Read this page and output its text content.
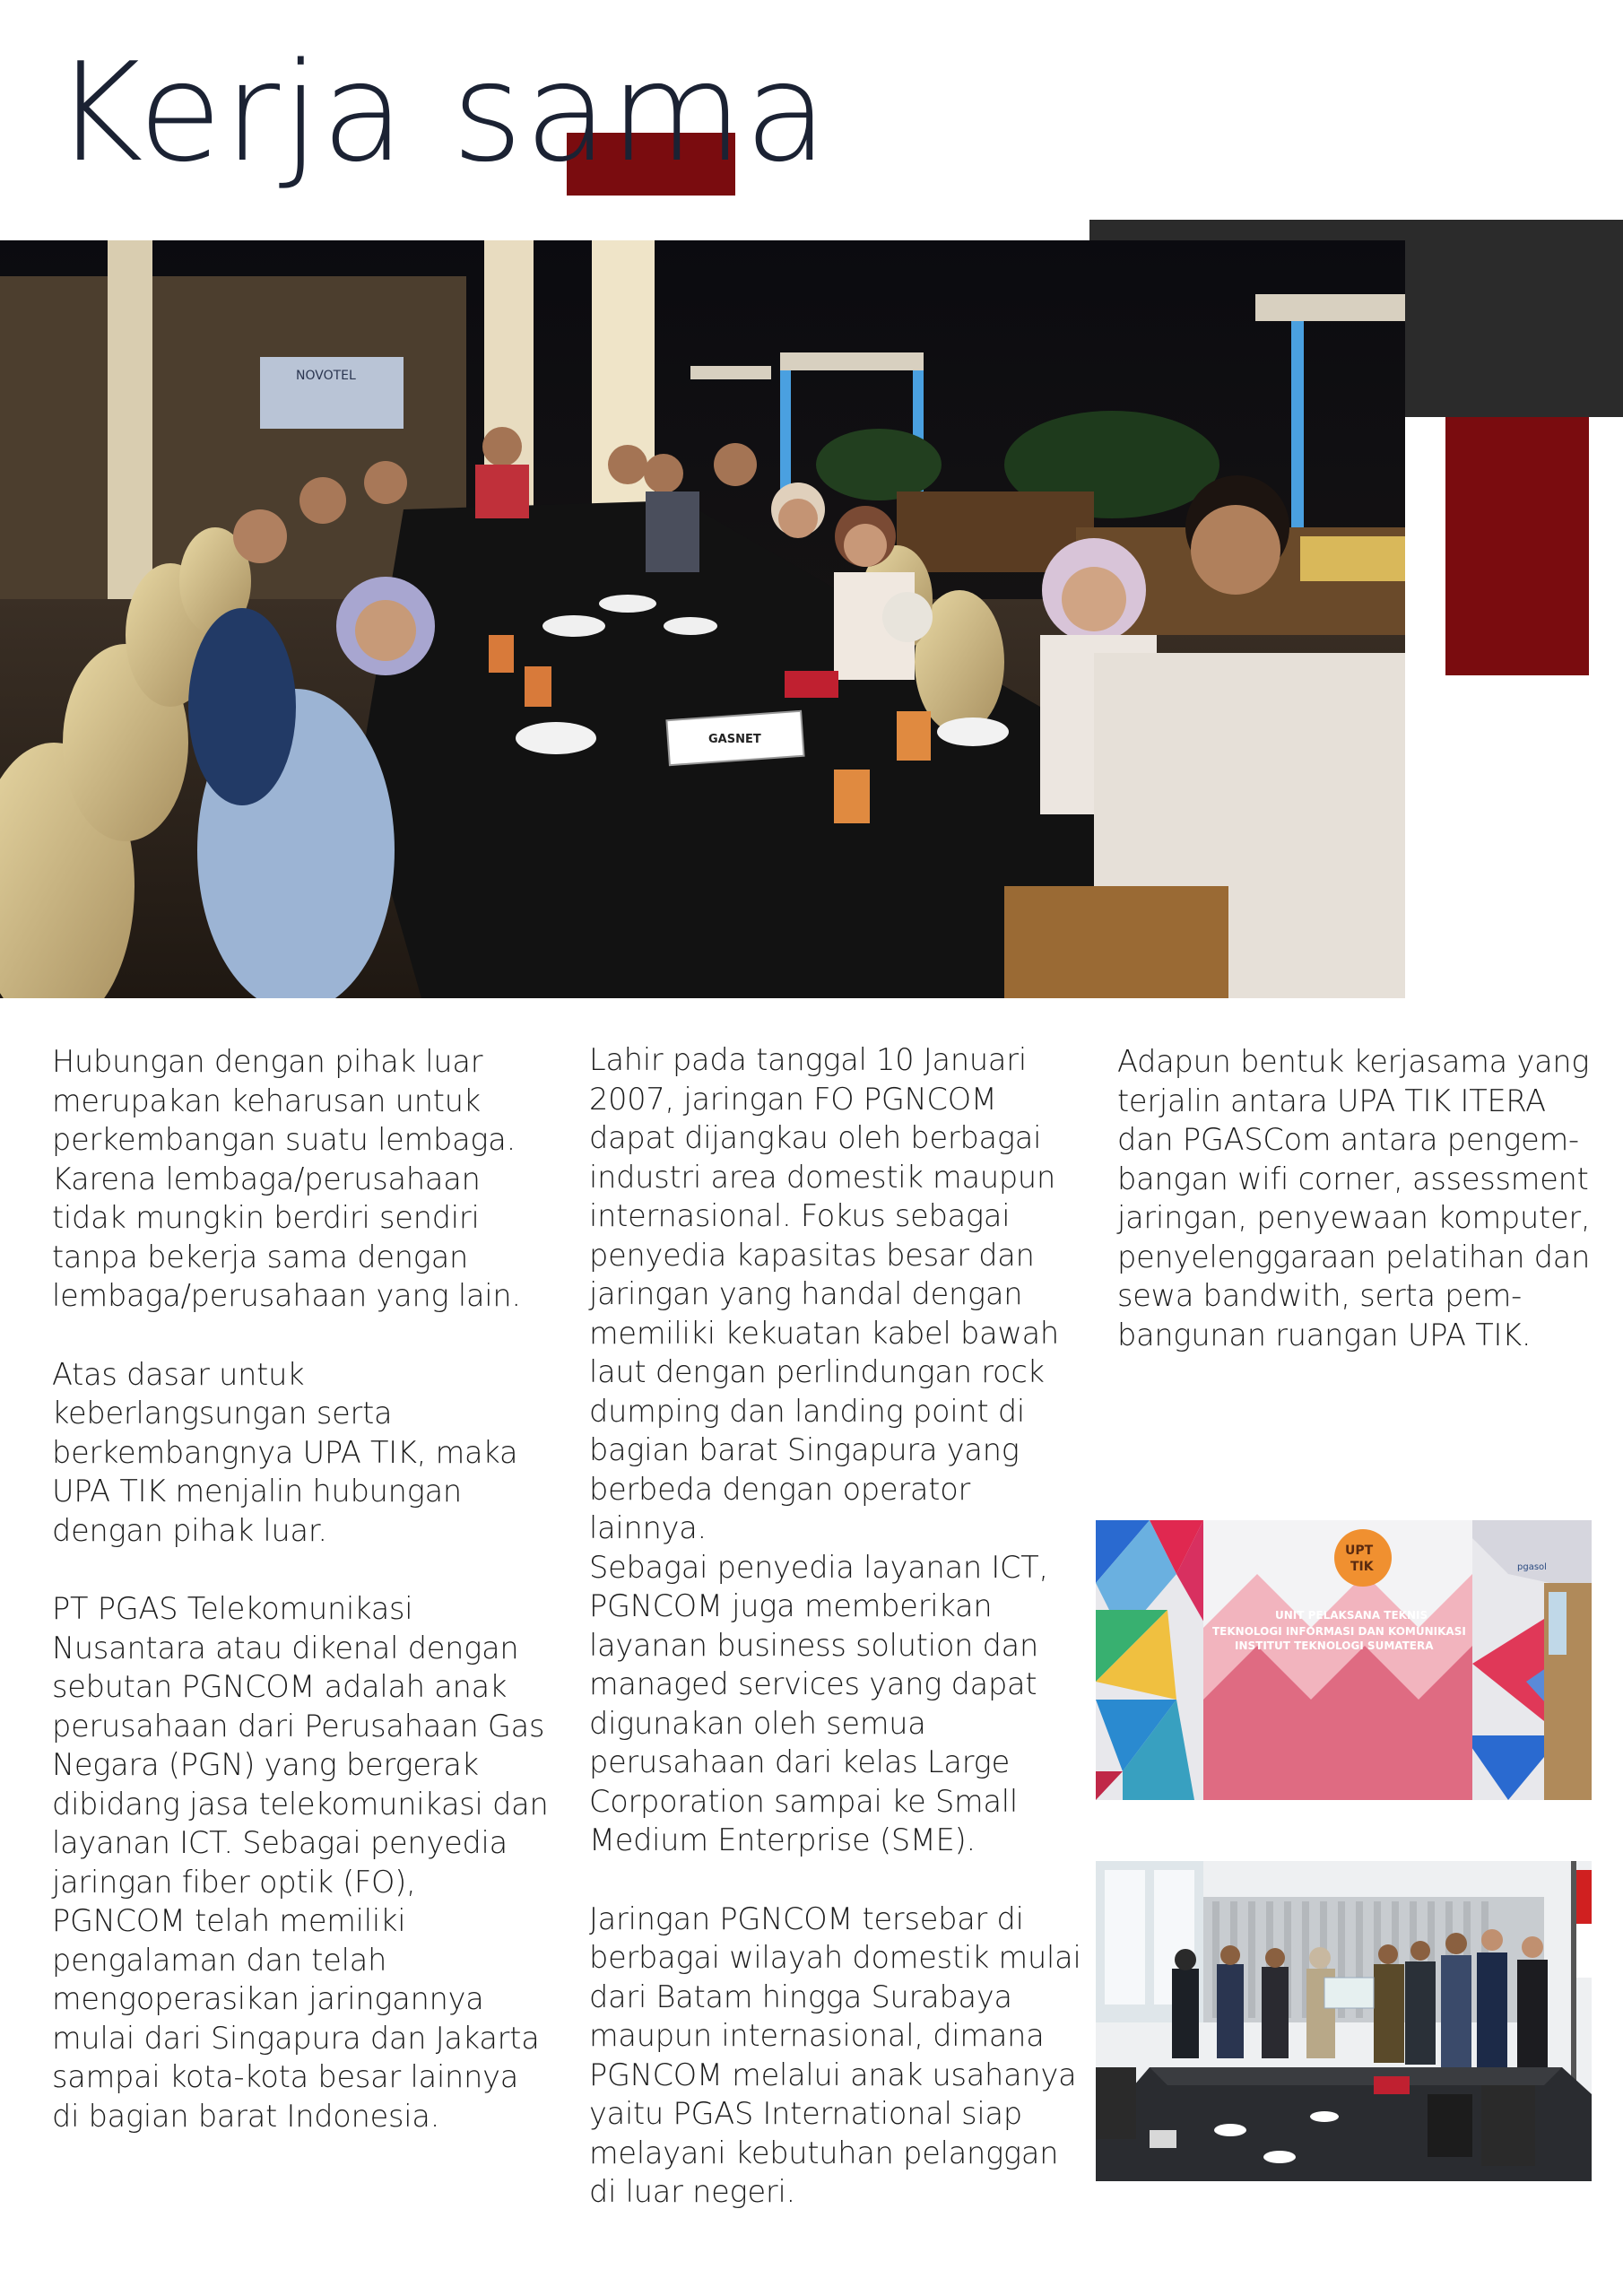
Kerja sama
NOVOTEL
GASNET

Hubungan dengan pihak luar merupakan keharusan untuk perkembangan suatu lembaga. Karena lembaga/perusahaan tidak mungkin berdiri sendiri tanpa bekerja sama dengan lembaga/perusahaan yang lain.

Atas dasar untuk keberlangsungan serta berkembangnya UPA TIK, maka UPA TIK menjalin hubungan dengan pihak luar.

PT PGAS Telekomunikasi Nusantara atau dikenal dengan sebutan PGNCOM adalah anak perusahaan dari Perusahaan Gas Negara (PGN) yang bergerak dibidang jasa telekomunikasi dan layanan ICT. Sebagai penyedia jaringan fiber optik (FO), PGNCOM telah memiliki pengalaman dan telah mengoperasikan jaringannya mulai dari Singapura dan Jakarta sampai kota-kota besar lainnya di bagian barat Indonesia.

Lahir pada tanggal 10 Januari 2007, jaringan FO PGNCOM dapat dijangkau oleh berbagai industri area domestik maupun internasional. Fokus sebagai penyedia kapasitas besar dan jaringan yang handal dengan memiliki kekuatan kabel bawah laut dengan perlindungan rock dumping dan landing point di bagian barat Singapura yang berbeda dengan operator lainnya.

Sebagai penyedia layanan ICT, PGNCOM juga memberikan layanan business solution dan managed services yang dapat digunakan oleh semua perusahaan dari kelas Large Corporation sampai ke Small Medium Enterprise (SME).

Jaringan PGNCOM tersebar di berbagai wilayah domestik mulai dari Batam hingga Surabaya maupun internasional, dimana PGNCOM melalui anak usahanya yaitu PGAS International siap melayani kebutuhan pelanggan di luar negeri.

Adapun bentuk kerjasama yang terjalin antara UPA TIK ITERA dan PGASCom antara pengem-bangan wifi corner, assessment jaringan, penyewaan komputer, penyelenggaraan pelatihan dan sewa bandwith, serta pem-bangunan ruangan UPA TIK.

UPT
TIK
UNIT PELAKSANA TEKNIS
TEKNOLOGI INFORMASI DAN KOMUNIKASI
INSTITUT TEKNOLOGI SUMATERA
pgasol
